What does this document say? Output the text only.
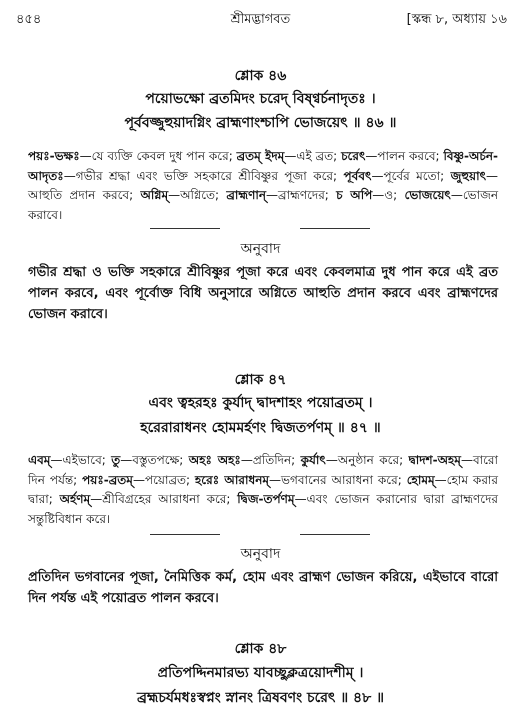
৪৫৪	শ্রীমদ্ভাগবত	[স্কন্ধ ৮, অধ্যায় ১৬
শ্লোক ৪৬
পয়োভক্ষো ব্রতমিদং চরেদ্ বিষ্ণ্বর্চনাদৃতঃ ।
পূর্ববজ্জুহুয়াদগ্নিং ব্রাহ্মণাংশ্চাপি ভোজয়েৎ ॥ ৪৬ ॥
পয়ঃ-ভক্ষঃ—যে ব্যক্তি কেবল দুধ পান করে; ব্রতম্ ইদম্—এই ব্রত; চরেৎ—পালন করবে; বিষ্ণু-অর্চন-আদৃতঃ—গভীর শ্রদ্ধা এবং ভক্তি সহকারে শ্রীবিষ্ণুর পূজা করে; পূর্ববৎ—পূর্বের মতো; জুহুয়াৎ—আহুতি প্রদান করবে; অগ্নিম্—অগ্নিতে; ব্রাহ্মণান্—ব্রাহ্মণদের; চ অপি—ও; ভোজয়েৎ—ভোজন করাবে।
অনুবাদ
গভীর শ্রদ্ধা ও ভক্তি সহকারে শ্রীবিষ্ণুর পূজা করে এবং কেবলমাত্র দুধ পান করে এই ব্রত পালন করবে, এবং পূর্বোক্ত বিধি অনুসারে অগ্নিতে আহুতি প্রদান করবে এবং ব্রাহ্মণদের ভোজন করাবে।
শ্লোক ৪৭
এবং ত্বহরহঃ কুর্যাদ্ দ্বাদশাহং পয়োব্রতম্ ।
হরেরারাধনং হোমমর্হণং দ্বিজতর্পণম্ ॥ ৪৭ ॥
এবম্—এইভাবে; তু—বস্তুতপক্ষে; অহঃ অহঃ—প্রতিদিন; কুর্যাৎ—অনুষ্ঠান করে; দ্বাদশ-অহম্—বারো দিন পর্যন্ত; পয়ঃ-ব্রতম্—পয়োব্রত; হরেঃ আরাধনম্—ভগবানের আরাধনা করে; হোমম্—হোম করার দ্বারা; অর্হণম্—শ্রীবিগ্রহের আরাধনা করে; দ্বিজ-তর্পণম্—এবং ভোজন করানোর দ্বারা ব্রাহ্মণদের সন্তুষ্টিবিধান করে।
অনুবাদ
প্রতিদিন ভগবানের পূজা, নৈমিত্তিক কর্ম, হোম এবং ব্রাহ্মণ ভোজন করিয়ে, এইভাবে বারো দিন পর্যন্ত এই পয়োব্রত পালন করবে।
শ্লোক ৪৮
প্রতিপদ্দিনমারভ্য যাবচ্ছুক্লত্রয়োদশীম্ ।
ব্রহ্মচর্যমধঃস্বপ্নং স্নানং ত্রিষবণং চরেৎ ॥ ৪৮ ॥
